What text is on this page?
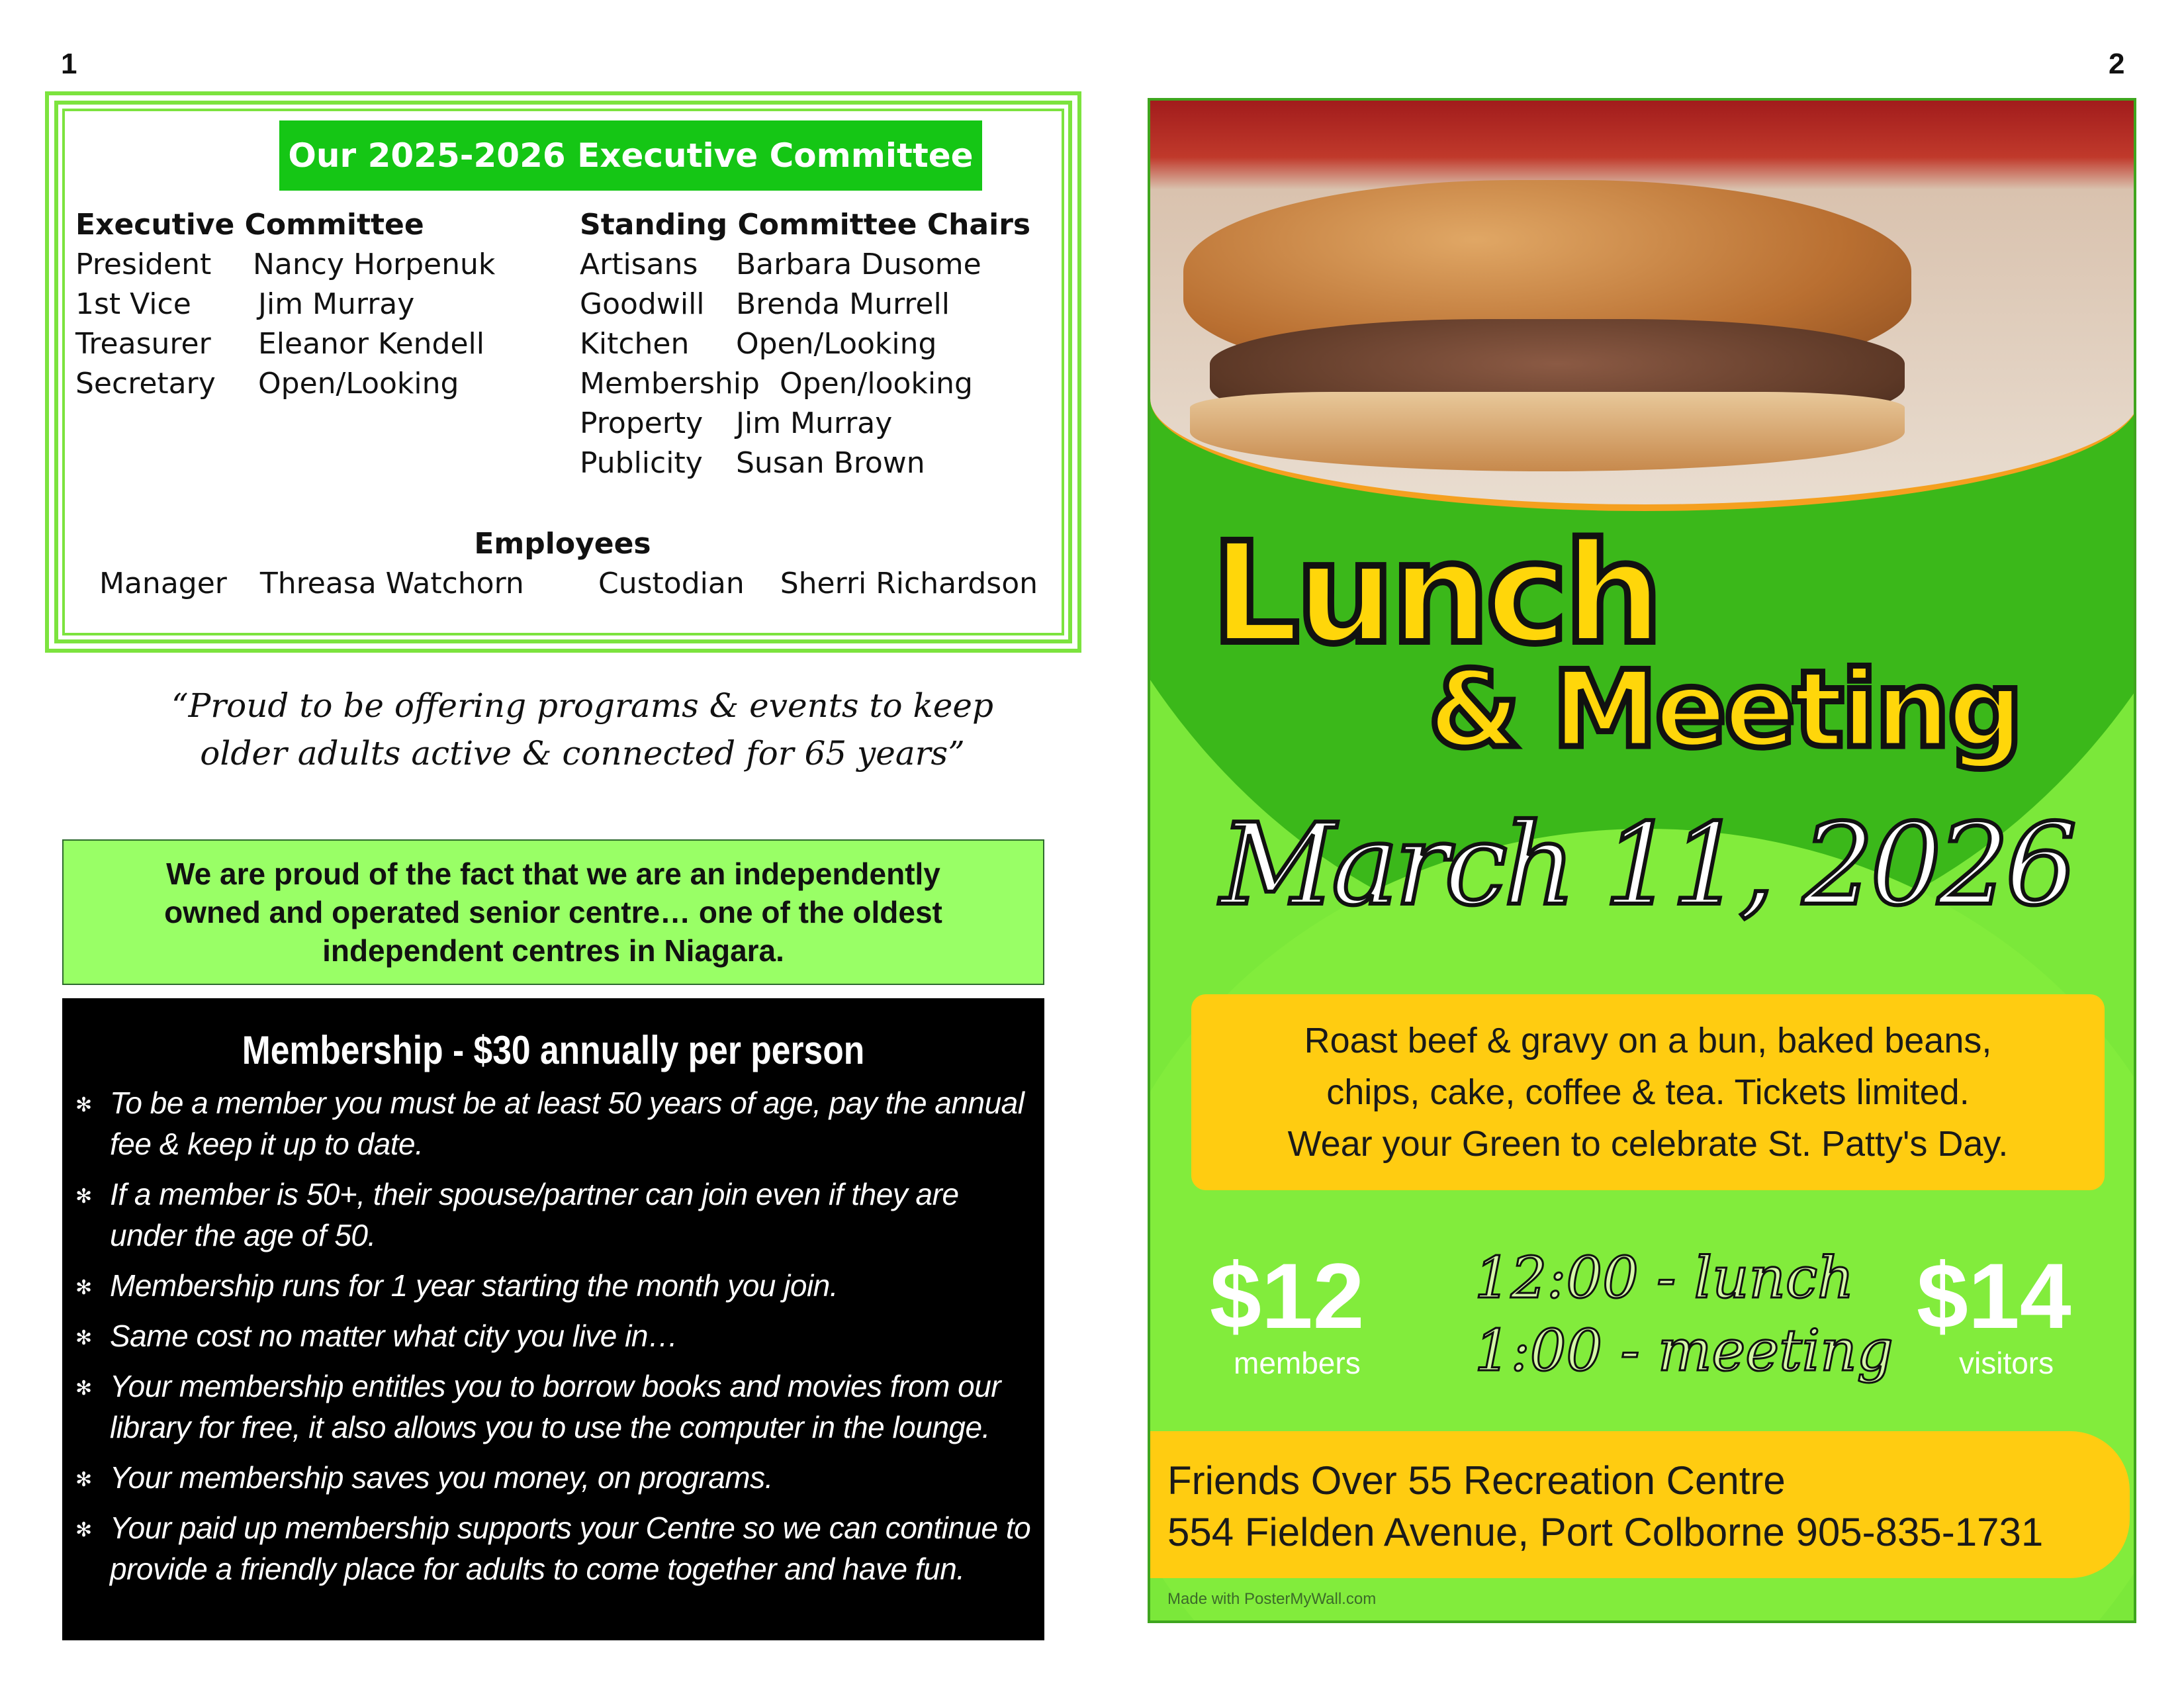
1	2
Our 2025-2026 Executive Committee
Executive Committee
President Nancy Horpenuk
1st Vice Jim Murray
Treasurer Eleanor Kendell
Secretary Open/Looking
Standing Committee Chairs
Artisans Barbara Dusome
Goodwill Brenda Murrell
Kitchen Open/Looking
Membership Open/looking
Property Jim Murray
Publicity Susan Brown
Employees
Manager Threasa Watchorn	Custodian Sherri Richardson
“Proud to be offering programs & events to keep
older adults active & connected for 65 years”
We are proud of the fact that we are an independently
owned and operated senior centre… one of the oldest
independent centres in Niagara.
Membership - $30 annually per person
✻ To be a member you must be at least 50 years of age, pay the annual fee & keep it up to date.
✻ If a member is 50+, their spouse/partner can join even if they are under the age of 50.
✻ Membership runs for 1 year starting the month you join.
✻ Same cost no matter what city you live in…
✻ Your membership entitles you to borrow books and movies from our library for free, it also allows you to use the computer in the lounge.
✻ Your membership saves you money, on programs.
✻ Your paid up membership supports your Centre so we can continue to provide a friendly place for adults to come together and have fun.
Lunch
& Meeting
March 11, 2026
Roast beef & gravy on a bun, baked beans,
chips, cake, coffee & tea. Tickets limited.
Wear your Green to celebrate St. Patty's Day.
$12
members
12:00 - lunch
1:00 - meeting
$14
visitors
Friends Over 55 Recreation Centre
554 Fielden Avenue, Port Colborne 905-835-1731
Made with PosterMyWall.com
